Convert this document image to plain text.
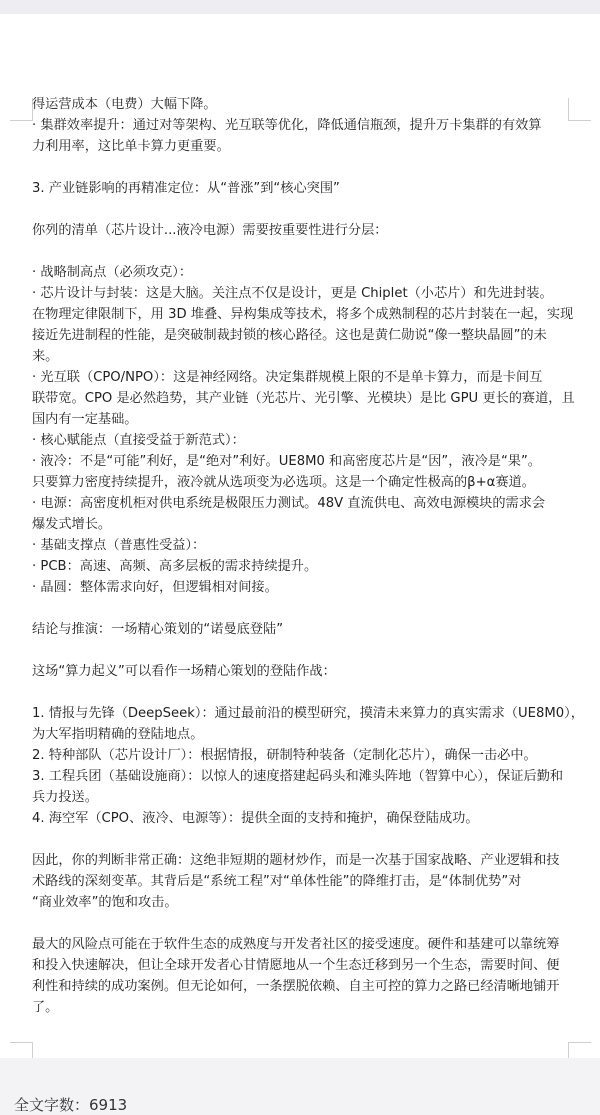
得运营成本（电费）大幅下降。
· 集群效率提升：通过对等架构、光互联等优化，降低通信瓶颈，提升万卡集群的有效算
力利用率，这比单卡算力更重要。
3. 产业链影响的再精准定位：从“普涨”到“核心突围”
你列的清单（芯片设计...液冷电源）需要按重要性进行分层：
· 战略制高点（必须攻克）：
· 芯片设计与封装：这是大脑。关注点不仅是设计，更是 Chiplet（小芯片）和先进封装。
在物理定律限制下，用 3D 堆叠、异构集成等技术，将多个成熟制程的芯片封装在一起，实现
接近先进制程的性能，是突破制裁封锁的核心路径。这也是黄仁勋说“像一整块晶圆”的未
来。
· 光互联（CPO/NPO）：这是神经网络。决定集群规模上限的不是单卡算力，而是卡间互
联带宽。CPO 是必然趋势，其产业链（光芯片、光引擎、光模块）是比 GPU 更长的赛道，且
国内有一定基础。
· 核心赋能点（直接受益于新范式）：
· 液冷：不是“可能”利好，是“绝对”利好。UE8M0 和高密度芯片是“因”，液冷是“果”。
只要算力密度持续提升，液冷就从选项变为必选项。这是一个确定性极高的β+α赛道。
· 电源：高密度机柜对供电系统是极限压力测试。48V 直流供电、高效电源模块的需求会
爆发式增长。
· 基础支撑点（普惠性受益）：
· PCB：高速、高频、高多层板的需求持续提升。
· 晶圆：整体需求向好，但逻辑相对间接。
结论与推演：一场精心策划的“诺曼底登陆”
这场“算力起义”可以看作一场精心策划的登陆作战：
1. 情报与先锋（DeepSeek）：通过最前沿的模型研究，摸清未来算力的真实需求（UE8M0），
为大军指明精确的登陆地点。
2. 特种部队（芯片设计厂）：根据情报，研制特种装备（定制化芯片），确保一击必中。
3. 工程兵团（基础设施商）：以惊人的速度搭建起码头和滩头阵地（智算中心），保证后勤和
兵力投送。
4. 海空军（CPO、液冷、电源等）：提供全面的支持和掩护，确保登陆成功。
因此，你的判断非常正确：这绝非短期的题材炒作，而是一次基于国家战略、产业逻辑和技
术路线的深刻变革。其背后是“系统工程”对“单体性能”的降维打击，是“体制优势”对
“商业效率”的饱和攻击。
最大的风险点可能在于软件生态的成熟度与开发者社区的接受速度。硬件和基建可以靠统筹
和投入快速解决，但让全球开发者心甘情愿地从一个生态迁移到另一个生态，需要时间、便
利性和持续的成功案例。但无论如何，一条摆脱依赖、自主可控的算力之路已经清晰地铺开
了。
全文字数：6913
